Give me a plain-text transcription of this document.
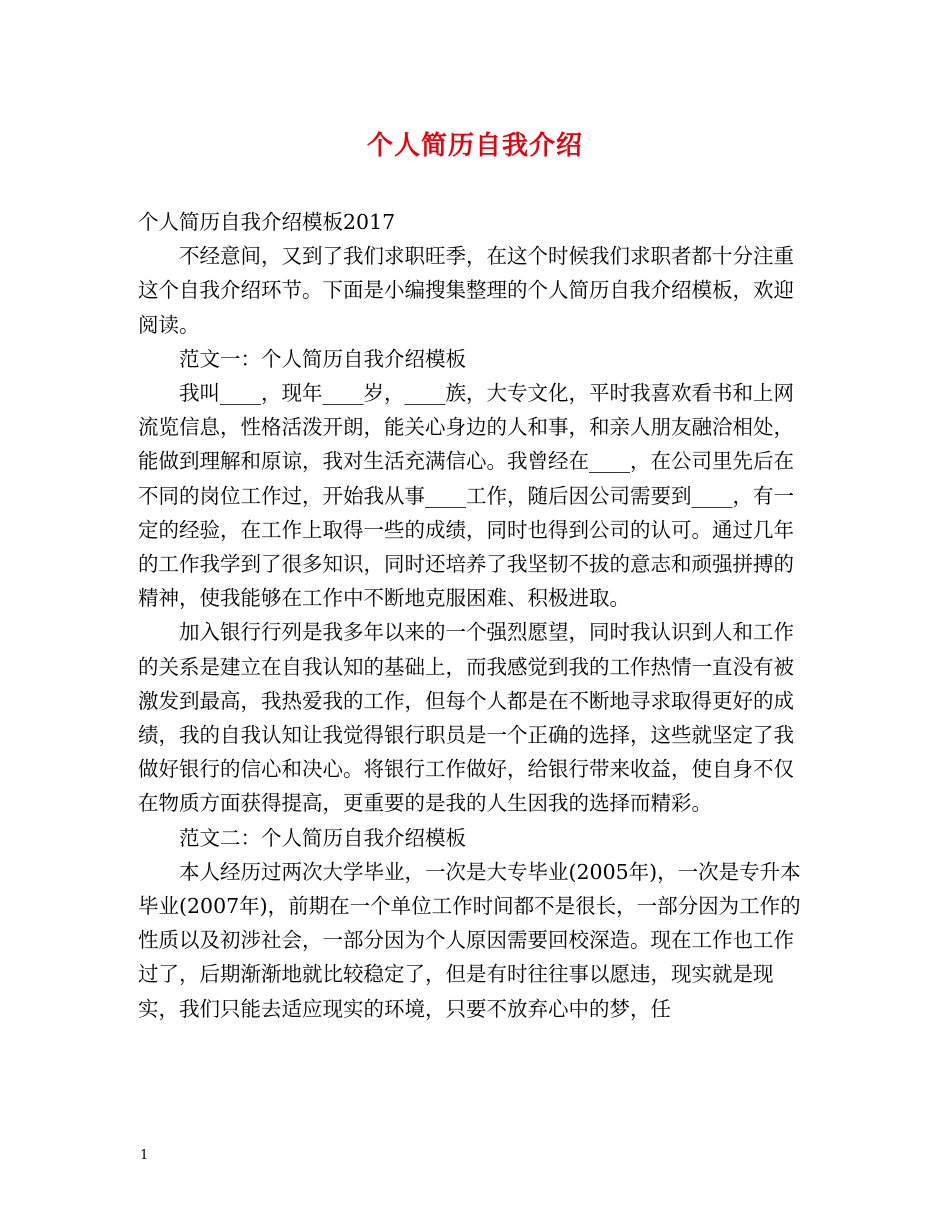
个人简历自我介绍

个人简历自我介绍模板2017

不经意间，又到了我们求职旺季，在这个时候我们求职者都十分注重这个自我介绍环节。下面是小编搜集整理的个人简历自我介绍模板，欢迎阅读。

范文一：个人简历自我介绍模板

我叫____，现年____岁，____族，大专文化，平时我喜欢看书和上网流览信息，性格活泼开朗，能关心身边的人和事，和亲人朋友融洽相处，能做到理解和原谅，我对生活充满信心。我曾经在____，在公司里先后在不同的岗位工作过，开始我从事____工作，随后因公司需要到____，有一定的经验，在工作上取得一些的成绩，同时也得到公司的认可。通过几年的工作我学到了很多知识，同时还培养了我坚韧不拔的意志和顽强拼搏的精神，使我能够在工作中不断地克服困难、积极进取。

加入银行行列是我多年以来的一个强烈愿望，同时我认识到人和工作的关系是建立在自我认知的基础上，而我感觉到我的工作热情一直没有被激发到最高，我热爱我的工作，但每个人都是在不断地寻求取得更好的成绩，我的自我认知让我觉得银行职员是一个正确的选择，这些就坚定了我做好银行的信心和决心。将银行工作做好，给银行带来收益，使自身不仅在物质方面获得提高，更重要的是我的人生因我的选择而精彩。

范文二：个人简历自我介绍模板

本人经历过两次大学毕业，一次是大专毕业(2005年)，一次是专升本毕业(2007年)，前期在一个单位工作时间都不是很长，一部分因为工作的性质以及初涉社会，一部分因为个人原因需要回校深造。现在工作也工作过了，后期渐渐地就比较稳定了，但是有时往往事以愿违，现实就是现实，我们只能去适应现实的环境，只要不放弃心中的梦，任

1
